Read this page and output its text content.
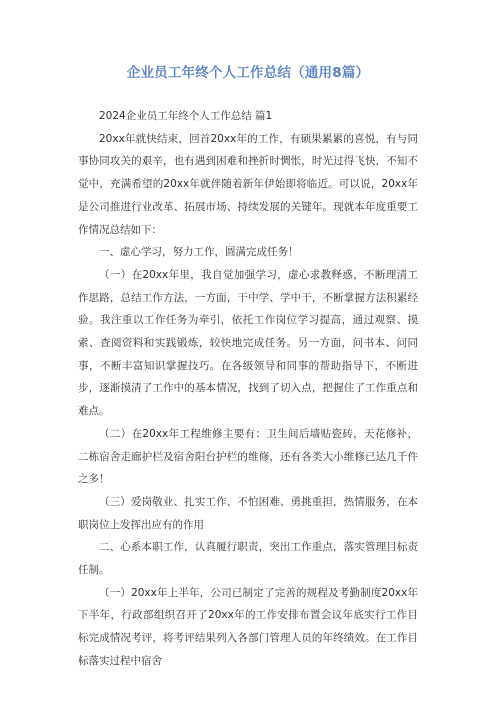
企业员工年终个人工作总结（通用8篇）

2024企业员工年终个人工作总结 篇1

20xx年就快结束，回首20xx年的工作，有硕果累累的喜悦，有与同事协同攻关的艰辛，也有遇到困难和挫折时惆怅，时光过得飞快，不知不觉中，充满希望的20xx年就伴随着新年伊始即将临近。可以说，20xx年是公司推进行业改革、拓展市场、持续发展的关键年。现就本年度重要工作情况总结如下：

一、虚心学习，努力工作，圆满完成任务！

（一）在20xx年里，我自觉加强学习，虚心求教释惑，不断理清工作思路，总结工作方法，一方面，干中学、学中干，不断掌握方法积累经验。我注重以工作任务为牵引，依托工作岗位学习提高，通过观察、摸索、查阅资料和实践锻炼，较快地完成任务。另一方面，问书本、问同事，不断丰富知识掌握技巧。在各级领导和同事的帮助指导下，不断进步，逐渐摸清了工作中的基本情况，找到了切入点，把握住了工作重点和难点。

（二）在20xx年工程维修主要有：卫生间后墙贴瓷砖，天花修补，二栋宿舍走廊护栏及宿舍阳台护栏的维修，还有各类大小维修已达几千件之多！

（三）爱岗敬业、扎实工作、不怕困难、勇挑重担，热情服务，在本职岗位上发挥出应有的作用

二、心系本职工作，认真履行职责，突出工作重点，落实管理目标责任制。

（一）20xx年上半年，公司已制定了完善的规程及考勤制度20xx年下半年，行政部组织召开了20xx年的工作安排布置会议年底实行工作目标完成情况考评，将考评结果列入各部门管理人员的年终绩效。在工作目标落实过程中宿舍
